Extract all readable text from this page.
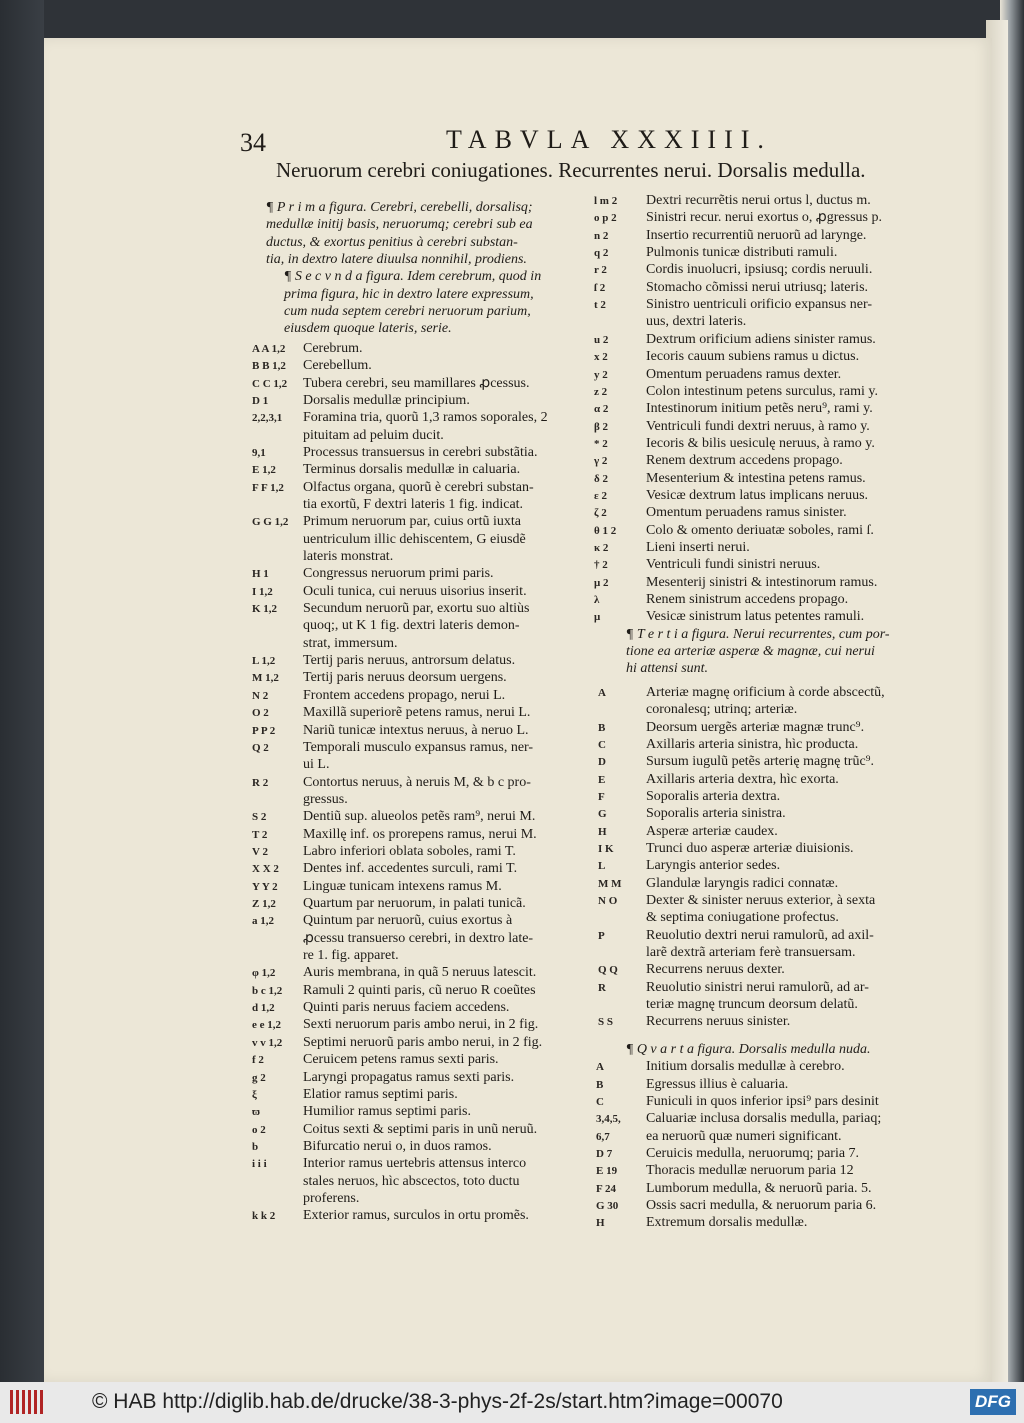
34	TABVLA XXXIIII.
Neruorum cerebri coniugationes. Recurrentes nerui. Dorsalis medulla.
¶ P r i m a figura. Cerebri, cerebelli, dorsalisq;
medullæ initij basis, neruorumq; cerebri sub ea
ductus, & exortus penitius à cerebri substan-
tia, in dextro latere diuulsa nonnihil, prodiens.
¶ S e c v n d a figura. Idem cerebrum, quod in
prima figura, hic in dextro latere expressum,
cum nuda septem cerebri neruorum parium,
eiusdem quoque lateris, serie.
A A 1,2 Cerebrum.
B B 1,2 Cerebellum.
C C 1,2 Tubera cerebri, seu mamillares ꝓcessus.
D 1 Dorsalis medullæ principium.
2,2,3,1 Foramina tria, quorũ 1,3 ramos soporales, 2
pituitam ad peluim ducit.
9,1	Processus transuersus in cerebri substãtia.
E 1,2 Terminus dorsalis medullæ in caluaria.
F F 1,2 Olfactus organa, quorũ è cerebri substan-
tia exortũ, F dextri lateris 1 fig. indicat.
G G 1,2 Primum neruorum par, cuius ortũ iuxta
uentriculum illic dehiscentem, G eiusdẽ
lateris monstrat.
H 1 Congressus neruorum primi paris.
I 1,2 Oculi tunica, cui neruus uisorius inserit.
K 1,2 Secundum neruorũ par, exortu suo altiùs
quoq;, ut K 1 fig. dextri lateris demon-
strat, immersum.
L 1,2 Tertij paris neruus, antrorsum delatus.
M 1,2 Tertij paris neruus deorsum uergens.
N 2 Frontem accedens propago, nerui L.
O 2 Maxillã superiorẽ petens ramus, nerui L.
P P 2 Nariũ tunicæ intextus neruus, à neruo L.
Q 2 Temporali musculo expansus ramus, ner-
ui L.
R 2 Contortus neruus, à neruis M, & b c pro-
gressus.
S 2	Dentiũ sup. alueolos petẽs ram⁹, nerui M.
T 2	Maxillę inf. os prorepens ramus, nerui M.
V 2	Labro inferiori oblata soboles, rami T.
X X 2 Dentes inf. accedentes surculi, rami T.
Y Y 2 Linguæ tunicam intexens ramus M.
Z 1,2 Quartum par neruorum, in palati tunicã.
a 1,2 Quintum par neruorũ, cuius exortus à
ꝓcessu transuerso cerebri, in dextro late-
re 1. fig. apparet.
φ 1,2 Auris membrana, in quã 5 neruus latescit.
b c 1,2 Ramuli 2 quinti paris, cũ neruo R coeũtes
d 1,2 Quinti paris neruus faciem accedens.
e e 1,2 Sexti neruorum paris ambo nerui, in 2 fig.
v v 1,2 Septimi neruorũ paris ambo nerui, in 2 fig.
f 2	Ceruicem petens ramus sexti paris.
g 2	Laryngi propagatus ramus sexti paris.
ξ	Elatior ramus septimi paris.
ϖ	Humilior ramus septimi paris.
o 2	Coitus sexti & septimi paris in unũ neruũ.
b	Bifurcatio nerui o, in duos ramos.
i i i	Interior ramus uertebris attensus interco
stales neruos, hìc abscectos, toto ductu
proferens.
k k 2 Exterior ramus, surculos in ortu promẽs.
l m 2 Dextri recurrẽtis nerui ortus l, ductus m.
o p 2 Sinistri recur. nerui exortus o, ꝓgressus p.
n 2	Insertio recurrentiũ neruorũ ad larynge.
q 2	Pulmonis tunicæ distributi ramuli.
r 2	Cordis inuolucri, ipsiusq; cordis neruuli.
ſ 2	Stomacho cõmissi nerui utriusq; lateris.
t 2	Sinistro uentriculi orificio expansus ner-
uus, dextri lateris.
u 2	Dextrum orificium adiens sinister ramus.
x 2	Iecoris cauum subiens ramus u dictus.
y 2	Omentum peruadens ramus dexter.
z 2	Colon intestinum petens surculus, rami y.
α 2	Intestinorum initium petẽs neru⁹, rami y.
β 2	Ventriculi fundi dextri neruus, à ramo y.
* 2	Iecoris & bilis uesiculę neruus, à ramo y.
γ 2	Renem dextrum accedens propago.
δ 2	Mesenterium & intestina petens ramus.
ε 2	Vesicæ dextrum latus implicans neruus.
ζ 2	Omentum peruadens ramus sinister.
θ 1 2 Colo & omento deriuatæ soboles, rami ſ.
κ 2	Lieni inserti nerui.
† 2	Ventriculi fundi sinistri neruus.
μ 2	Mesenterij sinistri & intestinorum ramus.
λ	Renem sinistrum accedens propago.
μ	Vesicæ sinistrum latus petentes ramuli.
¶ T e r t i a figura. Nerui recurrentes, cum por-
tione ea arteriæ asperæ & magnæ, cui nerui
hi attensi sunt.
A	Arteriæ magnę orificium à corde abscectũ,
coronalesq; utrinq; arteriæ.
B	Deorsum uergẽs arteriæ magnæ trunc⁹.
C	Axillaris arteria sinistra, hìc producta.
D	Sursum iugulũ petẽs arterię magnę trũc⁹.
E	Axillaris arteria dextra, hìc exorta.
F	Soporalis arteria dextra.
G	Soporalis arteria sinistra.
H	Asperæ arteriæ caudex.
I K Trunci duo asperæ arteriæ diuisionis.
L	Laryngis anterior sedes.
M M Glandulæ laryngis radici connatæ.
N O Dexter & sinister neruus exterior, à sexta
& septima coniugatione profectus.
P	Reuolutio dextri nerui ramulorũ, ad axil-
larẽ dextrã arteriam ferè transuersam.
Q Q Recurrens neruus dexter.
R	Reuolutio sinistri nerui ramulorũ, ad ar-
teriæ magnę truncum deorsum delatũ.
S S Recurrens neruus sinister.
¶ Q v a r t a figura. Dorsalis medulla nuda.
A	Initium dorsalis medullæ à cerebro.
B	Egressus illius è caluaria.
C	Funiculi in quos inferior ipsi⁹ pars desinit
3,4,5, Caluariæ inclusa dorsalis medulla, pariaq;
6,7	ea neruorũ quæ numeri significant.
D 7 Ceruicis medulla, neruorumq; paria 7.
E 19 Thoracis medullæ neruorum paria 12
F 24 Lumborum medulla, & neruorũ paria. 5.
G 30 Ossis sacri medulla, & neruorum paria 6.
H	Extremum dorsalis medullæ.
© HAB http://diglib.hab.de/drucke/38-3-phys-2f-2s/start.htm?image=00070	DFG
